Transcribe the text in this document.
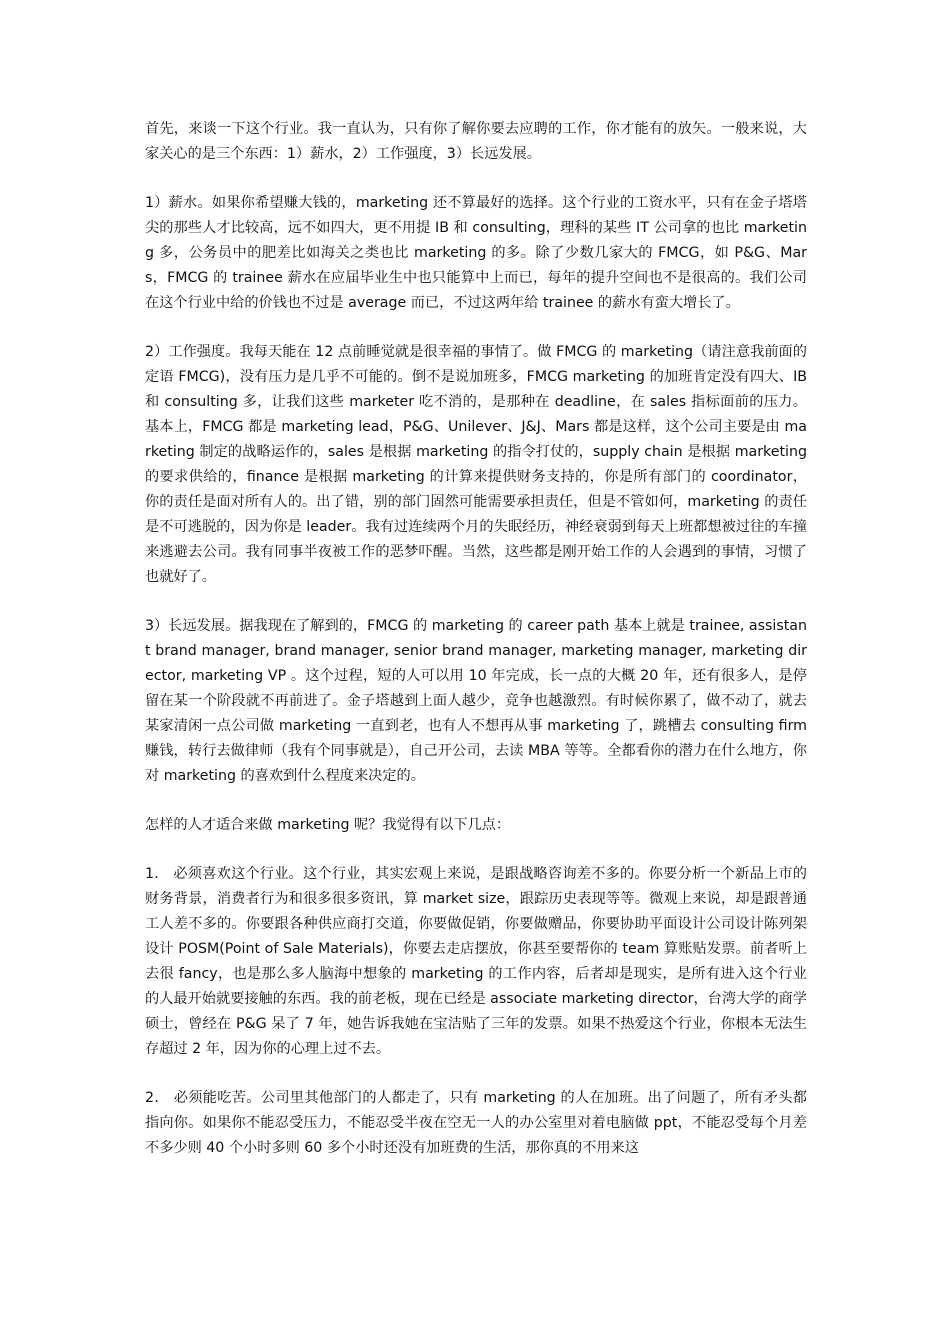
首先，来谈一下这个行业。我一直认为，只有你了解你要去应聘的工作，你才能有的放矢。一般来说，大家关心的是三个东西：1）薪水，2）工作强度，3）长远发展。

1）薪水。如果你希望赚大钱的，marketing 还不算最好的选择。这个行业的工资水平，只有在金子塔塔尖的那些人才比较高，远不如四大，更不用提 IB 和 consulting，理科的某些 IT 公司拿的也比 marketing 多，公务员中的肥差比如海关之类也比 marketing 的多。除了少数几家大的 FMCG，如 P&G、Mars，FMCG 的 trainee 薪水在应届毕业生中也只能算中上而已，每年的提升空间也不是很高的。我们公司在这个行业中给的价钱也不过是 average 而已，不过这两年给 trainee 的薪水有蛮大增长了。

2）工作强度。我每天能在 12 点前睡觉就是很幸福的事情了。做 FMCG 的 marketing（请注意我前面的定语 FMCG)，没有压力是几乎不可能的。倒不是说加班多，FMCG marketing 的加班肯定没有四大、IB 和 consulting 多，让我们这些 marketer 吃不消的，是那种在 deadline，在 sales 指标面前的压力。基本上，FMCG 都是 marketing lead，P&G、Unilever、J&J、Mars 都是这样，这个公司主要是由 marketing 制定的战略运作的，sales 是根据 marketing 的指令打仗的，supply chain 是根据 marketing 的要求供给的，finance 是根据 marketing 的计算来提供财务支持的，你是所有部门的 coordinator，你的责任是面对所有人的。出了错，别的部门固然可能需要承担责任，但是不管如何，marketing 的责任是不可逃脱的，因为你是 leader。我有过连续两个月的失眠经历，神经衰弱到每天上班都想被过往的车撞来逃避去公司。我有同事半夜被工作的恶梦吓醒。当然，这些都是刚开始工作的人会遇到的事情，习惯了也就好了。

3）长远发展。据我现在了解到的，FMCG 的 marketing 的 career path 基本上就是 trainee, assistant brand manager, brand manager, senior brand manager, marketing manager, marketing director, marketing VP 。这个过程，短的人可以用 10 年完成，长一点的大概 20 年，还有很多人，是停留在某一个阶段就不再前进了。金子塔越到上面人越少，竞争也越激烈。有时候你累了，做不动了，就去某家清闲一点公司做 marketing 一直到老，也有人不想再从事 marketing 了，跳槽去 consulting firm 赚钱，转行去做律师（我有个同事就是），自己开公司，去读 MBA 等等。全都看你的潜力在什么地方，你对 marketing 的喜欢到什么程度来决定的。

怎样的人才适合来做 marketing 呢？我觉得有以下几点：

1． 必须喜欢这个行业。这个行业，其实宏观上来说，是跟战略咨询差不多的。你要分析一个新品上市的财务背景，消费者行为和很多很多资讯，算 market size，跟踪历史表现等等。微观上来说，却是跟普通工人差不多的。你要跟各种供应商打交道，你要做促销，你要做赠品，你要协助平面设计公司设计陈列架设计 POSM(Point of Sale Materials)，你要去走店摆放，你甚至要帮你的 team 算账贴发票。前者听上去很 fancy，也是那么多人脑海中想象的 marketing 的工作内容，后者却是现实，是所有进入这个行业的人最开始就要接触的东西。我的前老板，现在已经是 associate marketing director，台湾大学的商学硕士，曾经在 P&G 呆了 7 年，她告诉我她在宝洁贴了三年的发票。如果不热爱这个行业，你根本无法生存超过 2 年，因为你的心理上过不去。

2． 必须能吃苦。公司里其他部门的人都走了，只有 marketing 的人在加班。出了问题了，所有矛头都指向你。如果你不能忍受压力，不能忍受半夜在空无一人的办公室里对着电脑做 ppt，不能忍受每个月差不多少则 40 个小时多则 60 多个小时还没有加班费的生活，那你真的不用来这
